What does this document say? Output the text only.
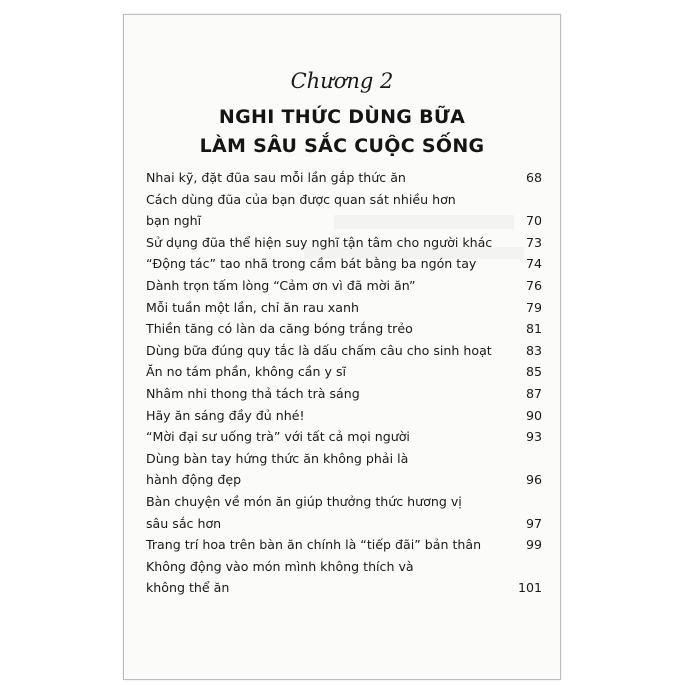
Chương 2
NGHI THỨC DÙNG BỮA
LÀM SÂU SẮC CUỘC SỐNG
Nhai kỹ, đặt đũa sau mỗi lần gắp thức ăn	68
Cách dùng đũa của bạn được quan sát nhiều hơn
bạn nghĩ	70
Sử dụng đũa thể hiện suy nghĩ tận tâm cho người khác	73
“Động tác” tao nhã trong cầm bát bằng ba ngón tay	74
Dành trọn tấm lòng “Cảm ơn vì đã mời ăn”	76
Mỗi tuần một lần, chỉ ăn rau xanh	79
Thiền tăng có làn da căng bóng trắng trẻo	81
Dùng bữa đúng quy tắc là dấu chấm câu cho sinh hoạt	83
Ăn no tám phần, không cần y sĩ	85
Nhâm nhi thong thả tách trà sáng	87
Hãy ăn sáng đầy đủ nhé!	90
“Mời đại sư uống trà” với tất cả mọi người	93
Dùng bàn tay hứng thức ăn không phải là
hành động đẹp	96
Bàn chuyện về món ăn giúp thưởng thức hương vị
sâu sắc hơn	97
Trang trí hoa trên bàn ăn chính là “tiếp đãi” bản thân	99
Không động vào món mình không thích và
không thể ăn	101
